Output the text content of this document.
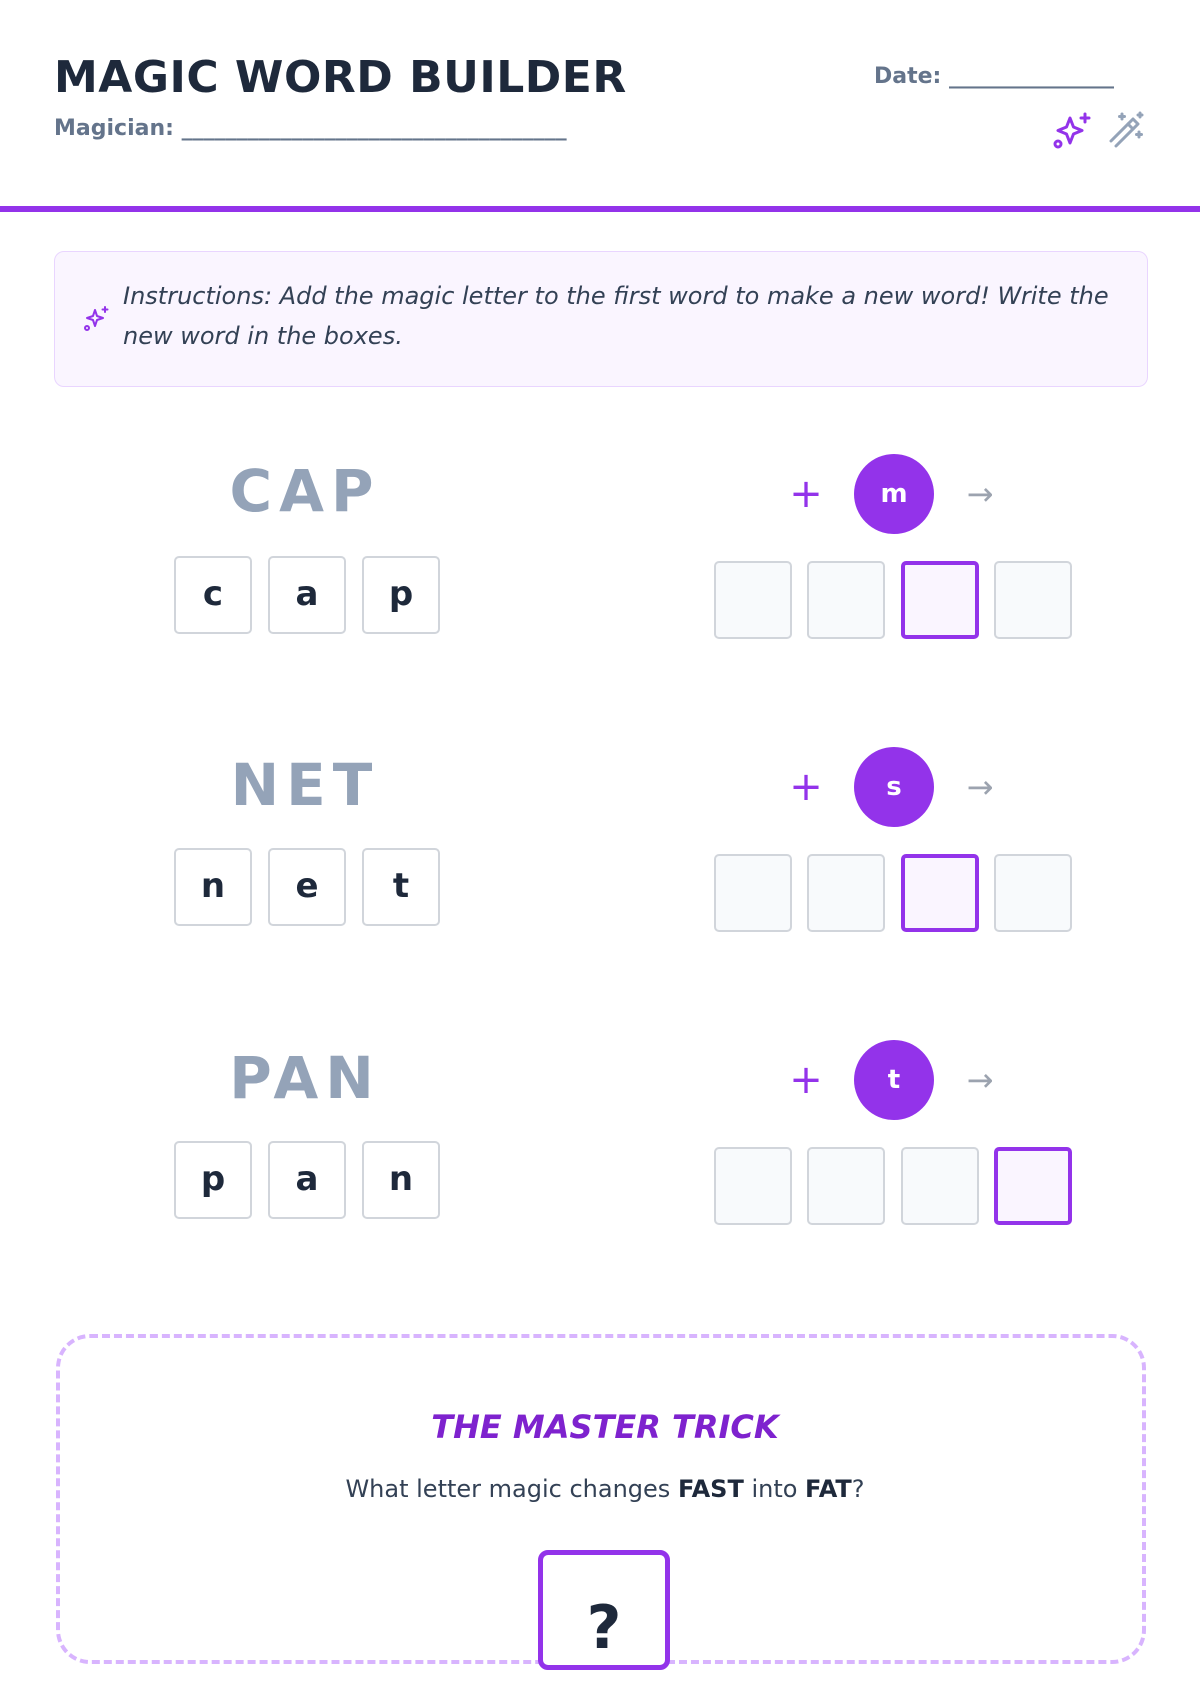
MAGIC WORD BUILDER
Magician: ___________________________________
Date: _______________

Instructions: Add the magic letter to the first word to make a new word! Write the new word in the boxes.

CAP
c	a	p
+	m	→
NET
n	e	t
+	s	→
PAN
p	a	n
+	t	→
THE MASTER TRICK
What letter magic changes FAST into FAT?
?
